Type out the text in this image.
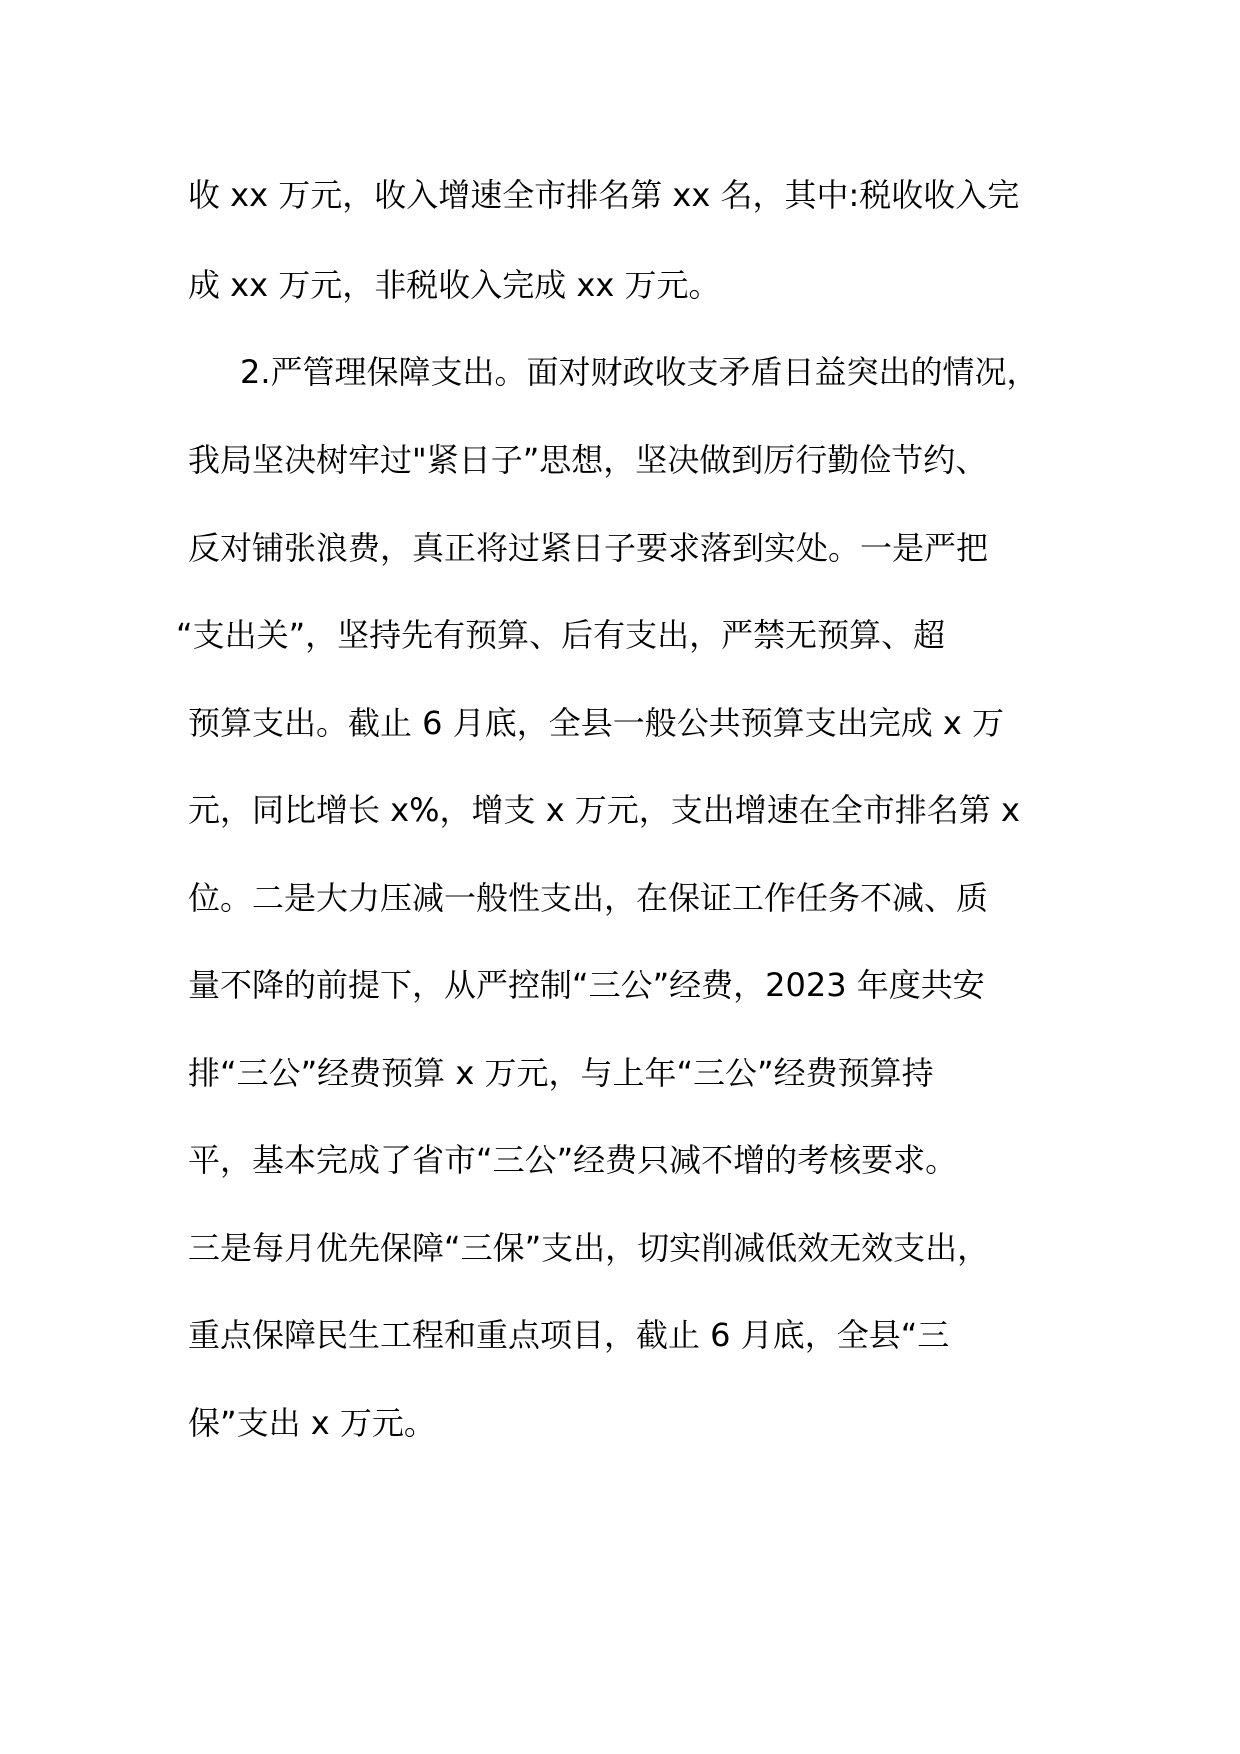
收 xx 万元，收入增速全市排名第 xx 名，其中:税收收入完
成 xx 万元，非税收入完成 xx 万元。
2.严管理保障支出。面对财政收支矛盾日益突出的情况，
我局坚决树牢过"紧日子”思想，坚决做到厉行勤俭节约、
反对铺张浪费，真正将过紧日子要求落到实处。一是严把
“支出关”，坚持先有预算、后有支出，严禁无预算、超
预算支出。截止 6 月底，全县一般公共预算支出完成 x 万
元，同比增长 x%，增支 x 万元，支出增速在全市排名第 x
位。二是大力压减一般性支出，在保证工作任务不减、质
量不降的前提下，从严控制“三公”经费，2023 年度共安
排“三公”经费预算 x 万元，与上年“三公”经费预算持
平，基本完成了省市“三公”经费只减不增的考核要求。
三是每月优先保障“三保”支出，切实削减低效无效支出，
重点保障民生工程和重点项目，截止 6 月底，全县“三
保”支出 x 万元。
